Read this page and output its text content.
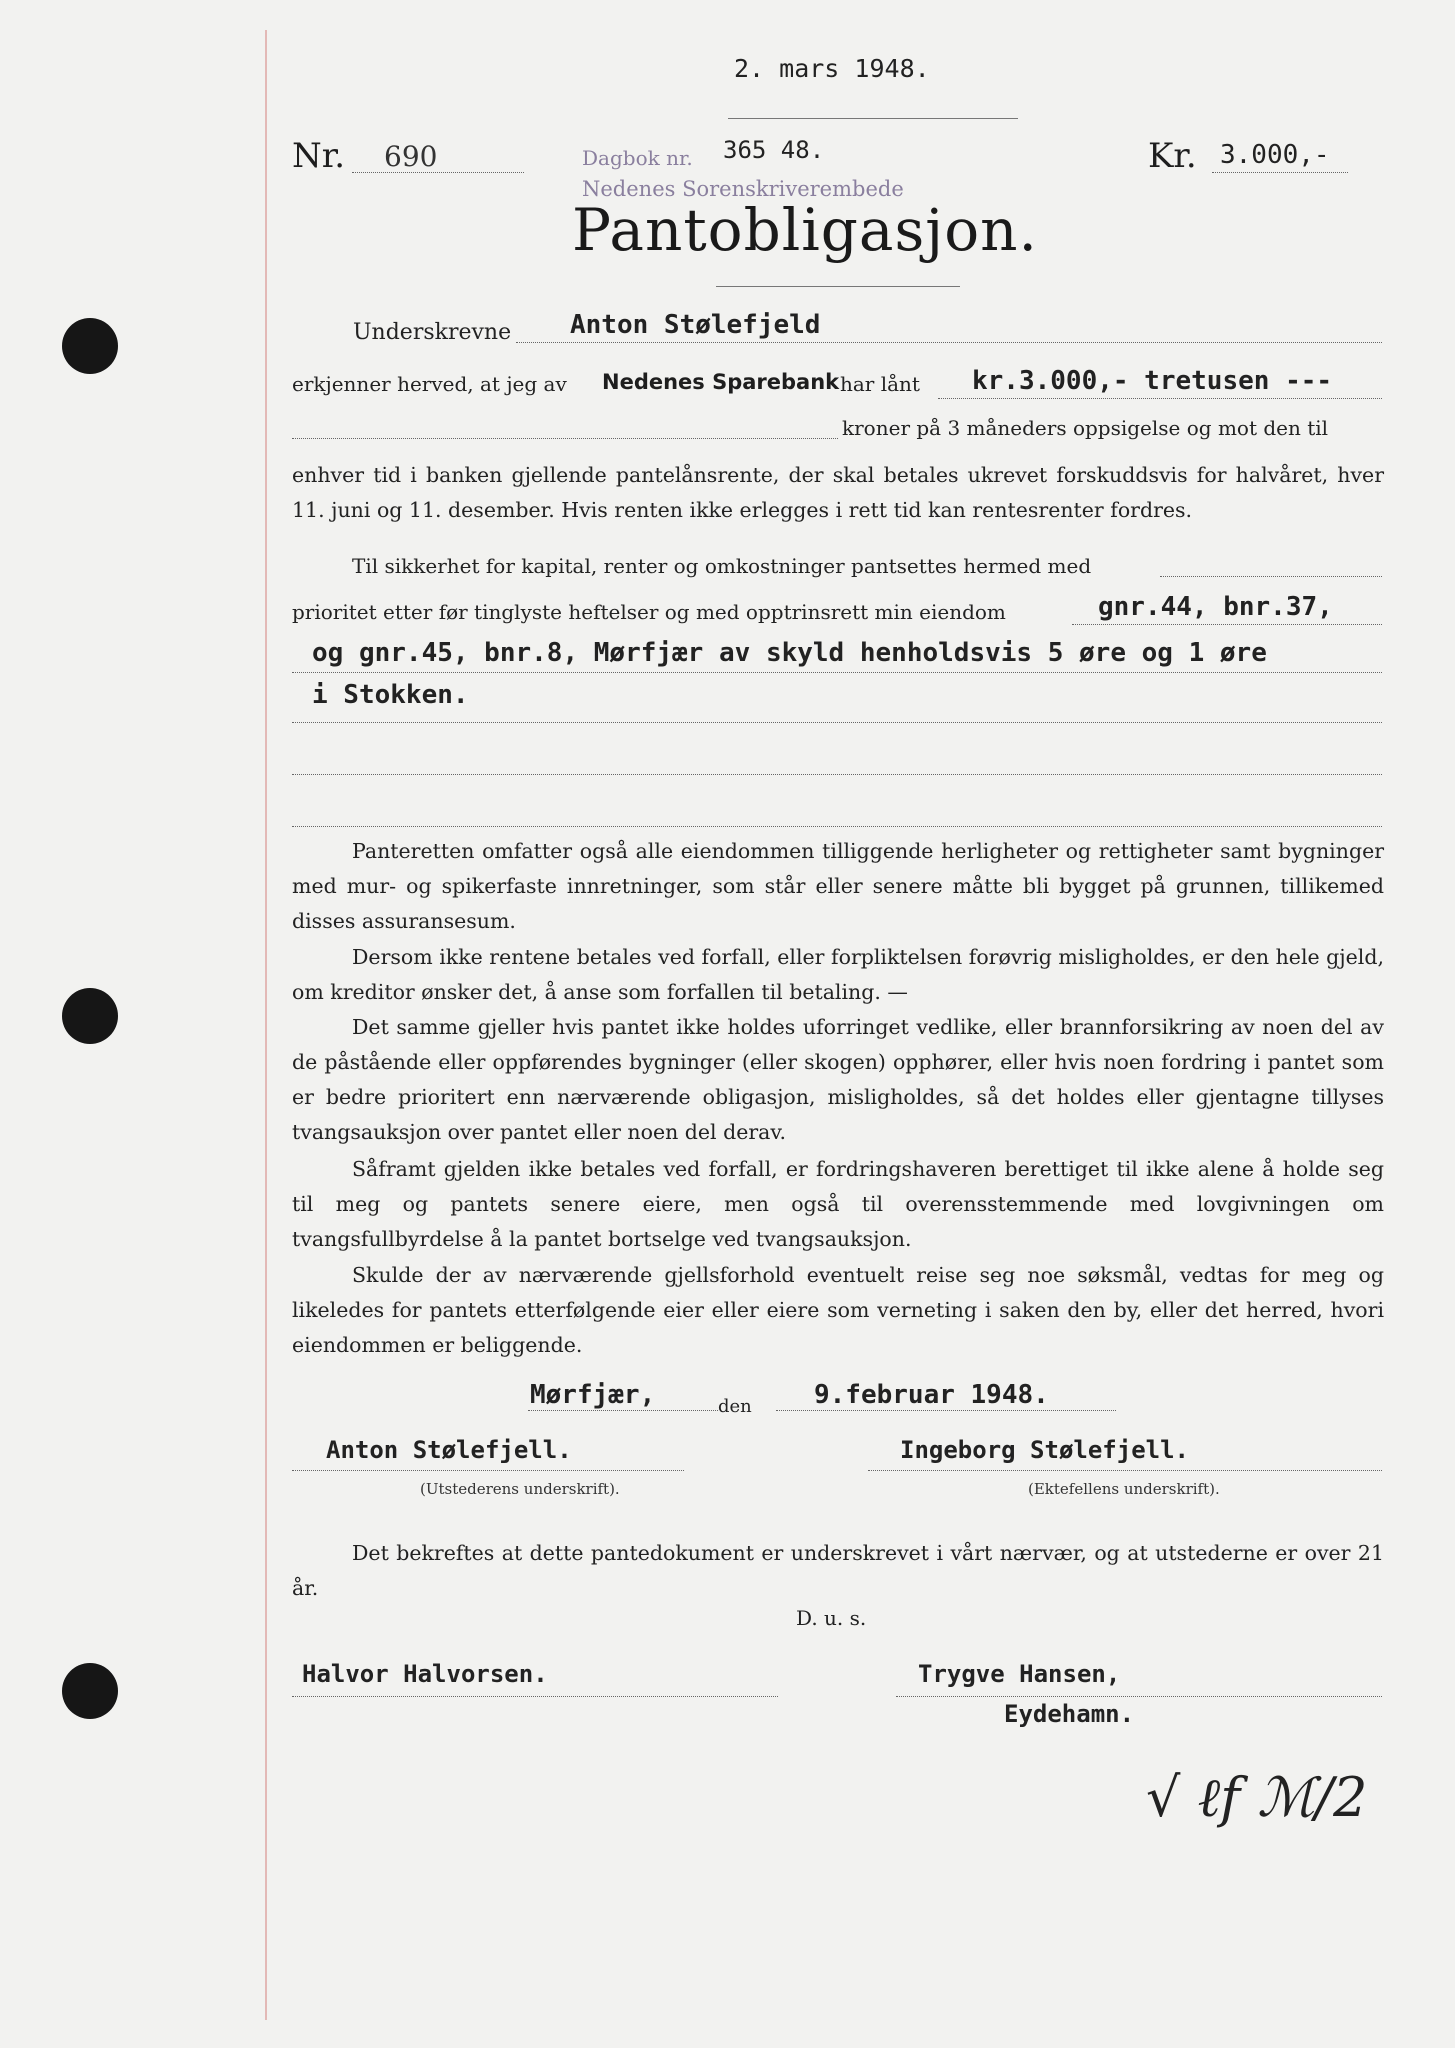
2. mars 1948.
Nr. 690	Dagbok nr. 365 48.
Nedenes Sorenskriverembede
Kr. 3.000,-
Pantobligasjon.
Underskrevne Anton Stølefjeld
erkjenner herved, at jeg av Nedenes Sparebank har lånt kr.3.000,- tretusen ---
kroner på 3 måneders oppsigelse og mot den til
enhver tid i banken gjellende pantelånsrente, der skal betales ukrevet forskuddsvis for halvåret, hver 11. juni og 11. desember. Hvis renten ikke erlegges i rett tid kan rentesrenter fordres.
Til sikkerhet for kapital, renter og omkostninger pantsettes hermed med
prioritet etter før tinglyste heftelser og med opptrinsrett min eiendom	gnr.44, bnr.37,
og gnr.45, bnr.8, Mørfjær av skyld henholdsvis 5 øre og 1 øre
i Stokken.
Panteretten omfatter også alle eiendommen tilliggende herligheter og rettigheter samt bygninger med mur- og spikerfaste innretninger, som står eller senere måtte bli bygget på grunnen, tillikemed disses assuransesum.
Dersom ikke rentene betales ved forfall, eller forpliktelsen forøvrig misligholdes, er den hele gjeld, om kreditor ønsker det, å anse som forfallen til betaling. —
Det samme gjeller hvis pantet ikke holdes uforringet vedlike, eller brannforsikring av noen del av de påstående eller oppførendes bygninger (eller skogen) opphører, eller hvis noen fordring i pantet som er bedre prioritert enn nærværende obligasjon, misligholdes, så det holdes eller gjentagne tillyses tvangsauksjon over pantet eller noen del derav.
Såframt gjelden ikke betales ved forfall, er fordringshaveren berettiget til ikke alene å holde seg til meg og pantets senere eiere, men også til overensstemmende med lovgivningen om tvangsfullbyrdelse å la pantet bortselge ved tvangsauksjon.
Skulde der av nærværende gjellsforhold eventuelt reise seg noe søksmål, vedtas for meg og likeledes for pantets etterfølgende eier eller eiere som verneting i saken den by, eller det herred, hvori eiendommen er beliggende.
Mørfjær,	den 9.februar 1948.
Anton Stølefjell.
(Utstederens underskrift).
Ingeborg Stølefjell.
(Ektefellens underskrift).
Det bekreftes at dette pantedokument er underskrevet i vårt nærvær, og at utstederne er over 21 år.
D. u. s.
Halvor Halvorsen.	Trygve Hansen,
Eydehamn.
√ ℓf ℳ/2
